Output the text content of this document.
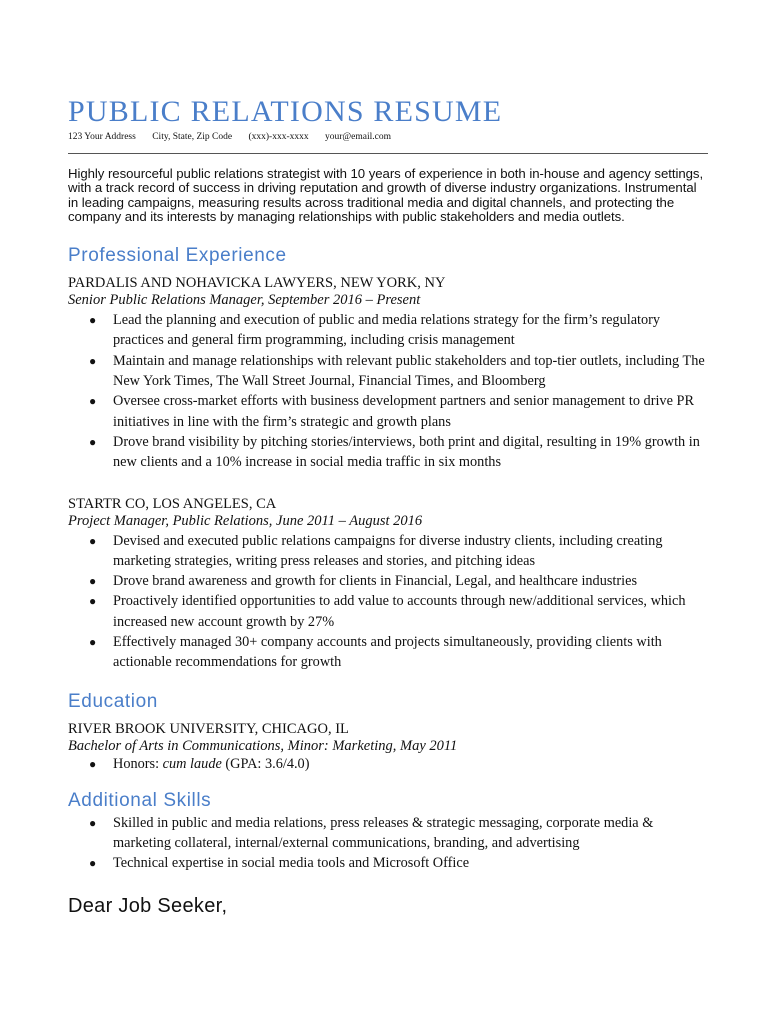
PUBLIC RELATIONS RESUME
123 Your Address City, State, Zip Code (xxx)-xxx-xxxx your@email.com
Highly resourceful public relations strategist with 10 years of experience in both in-house and agency settings, with a track record of success in driving reputation and growth of diverse industry organizations. Instrumental in leading campaigns, measuring results across traditional media and digital channels, and protecting the company and its interests by managing relationships with public stakeholders and media outlets.
Professional Experience
PARDALIS AND NOHAVICKA LAWYERS, NEW YORK, NY
Senior Public Relations Manager, September 2016 – Present
● Lead the planning and execution of public and media relations strategy for the firm’s regulatory practices and general firm programming, including crisis management
● Maintain and manage relationships with relevant public stakeholders and top-tier outlets, including The New York Times, The Wall Street Journal, Financial Times, and Bloomberg
● Oversee cross-market efforts with business development partners and senior management to drive PR initiatives in line with the firm’s strategic and growth plans
● Drove brand visibility by pitching stories/interviews, both print and digital, resulting in 19% growth in new clients and a 10% increase in social media traffic in six months
STARTR CO, LOS ANGELES, CA
Project Manager, Public Relations, June 2011 – August 2016
● Devised and executed public relations campaigns for diverse industry clients, including creating marketing strategies, writing press releases and stories, and pitching ideas
● Drove brand awareness and growth for clients in Financial, Legal, and healthcare industries
● Proactively identified opportunities to add value to accounts through new/additional services, which increased new account growth by 27%
● Effectively managed 30+ company accounts and projects simultaneously, providing clients with actionable recommendations for growth
Education
RIVER BROOK UNIVERSITY, CHICAGO, IL
Bachelor of Arts in Communications, Minor: Marketing, May 2011
● Honors: cum laude (GPA: 3.6/4.0)
Additional Skills
● Skilled in public and media relations, press releases & strategic messaging, corporate media & marketing collateral, internal/external communications, branding, and advertising
● Technical expertise in social media tools and Microsoft Office
Dear Job Seeker,
